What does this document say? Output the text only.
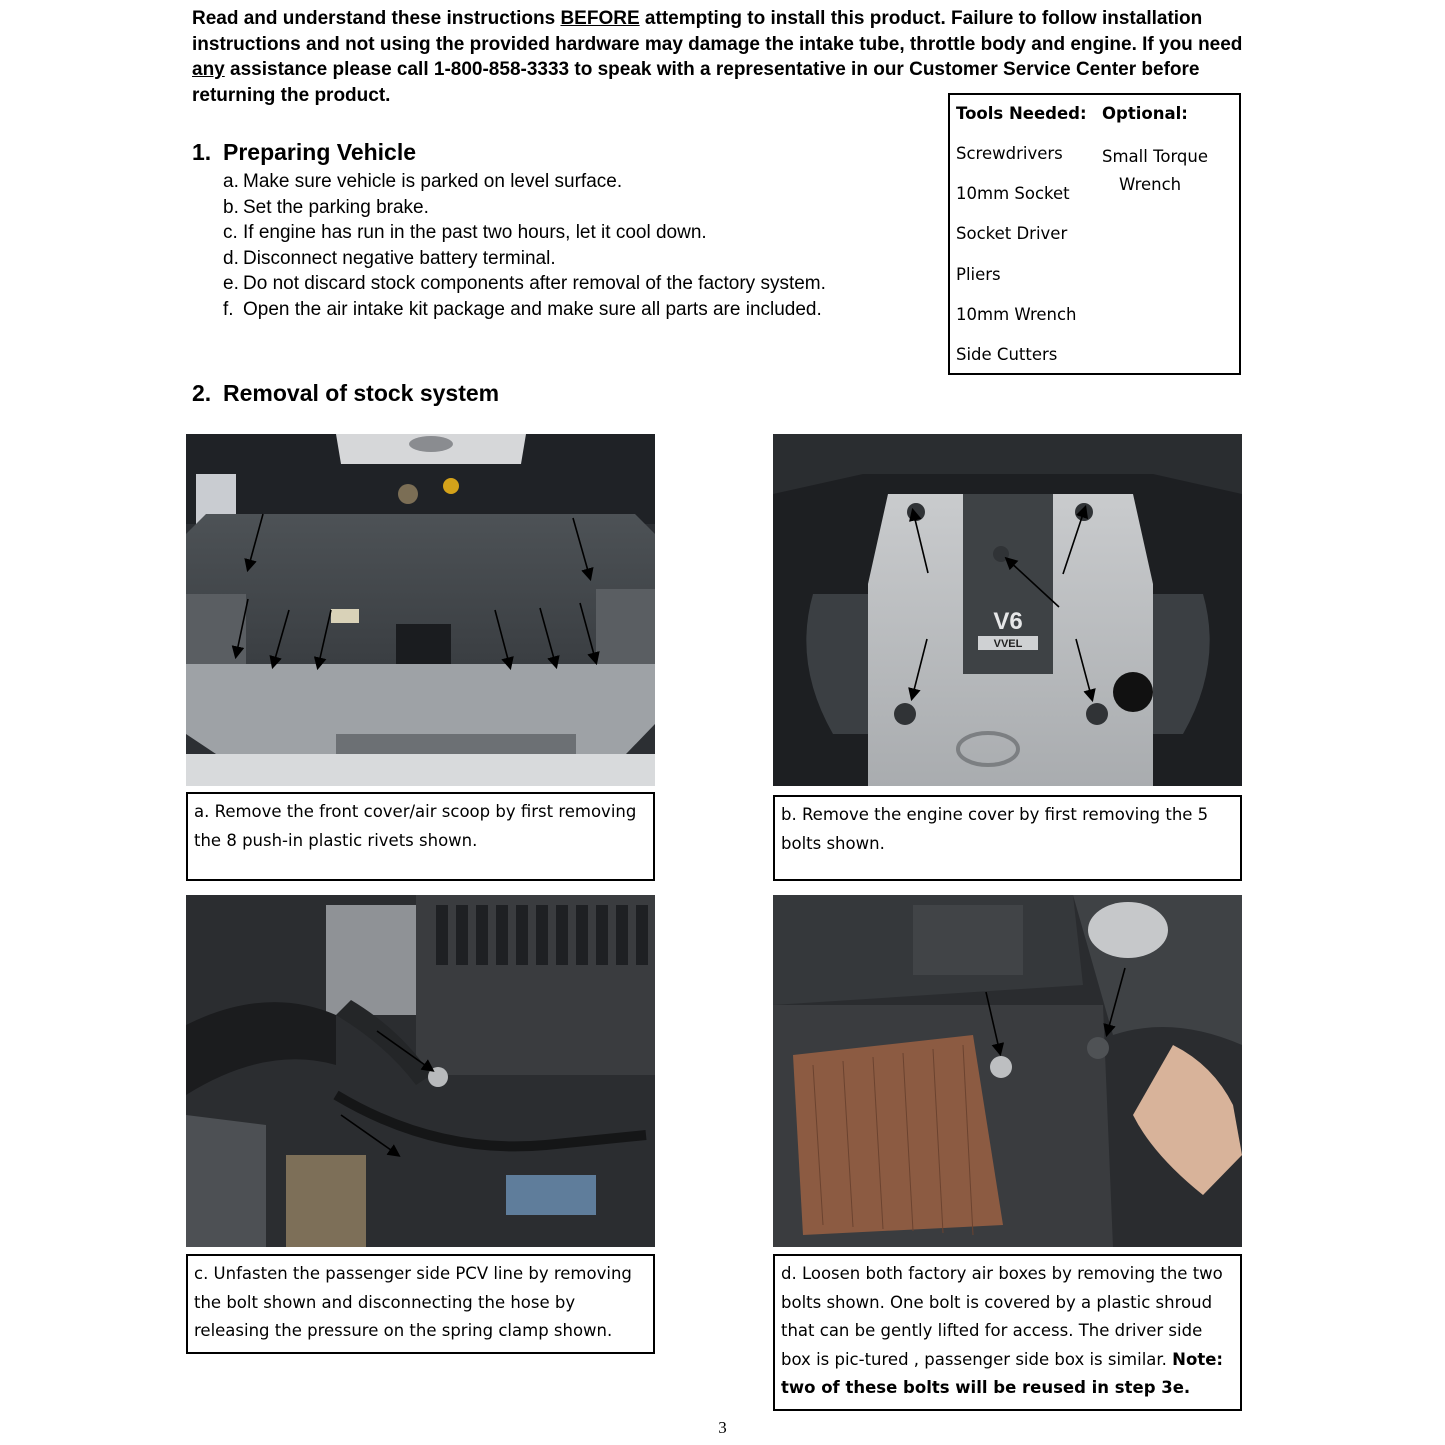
Read and understand these instructions BEFORE attempting to install this product. Failure to follow installation instructions and not using the provided hardware may damage the intake tube, throttle body and engine. If you need any assistance please call 1-800-858-3333 to speak with a representative in our Customer Service Center before returning the product.
Tools Needed:
Screwdrivers
10mm Socket
Socket Driver
Pliers
10mm Wrench
Side Cutters
Optional:
Small Torque
Wrench
1. Preparing Vehicle
a. Make sure vehicle is parked on level surface.
b. Set the parking brake.
c. If engine has run in the past two hours, let it cool down.
d. Disconnect negative battery terminal.
e. Do not discard stock components after removal of the factory system.
f. Open the air intake kit package and make sure all parts are included.
2. Removal of stock system
V6
VVEL
a. Remove the front cover/air scoop by first removing the 8 push-in plastic rivets shown.
b. Remove the engine cover by first removing the 5 bolts shown.
c. Unfasten the passenger side PCV line by removing the bolt shown and disconnecting the hose by releasing the pressure on the spring clamp shown.
d. Loosen both factory air boxes by removing the two bolts shown. One bolt is covered by a plastic shroud that can be gently lifted for access. The driver side box is pic-tured , passenger side box is similar. Note: two of these bolts will be reused in step 3e.
3
